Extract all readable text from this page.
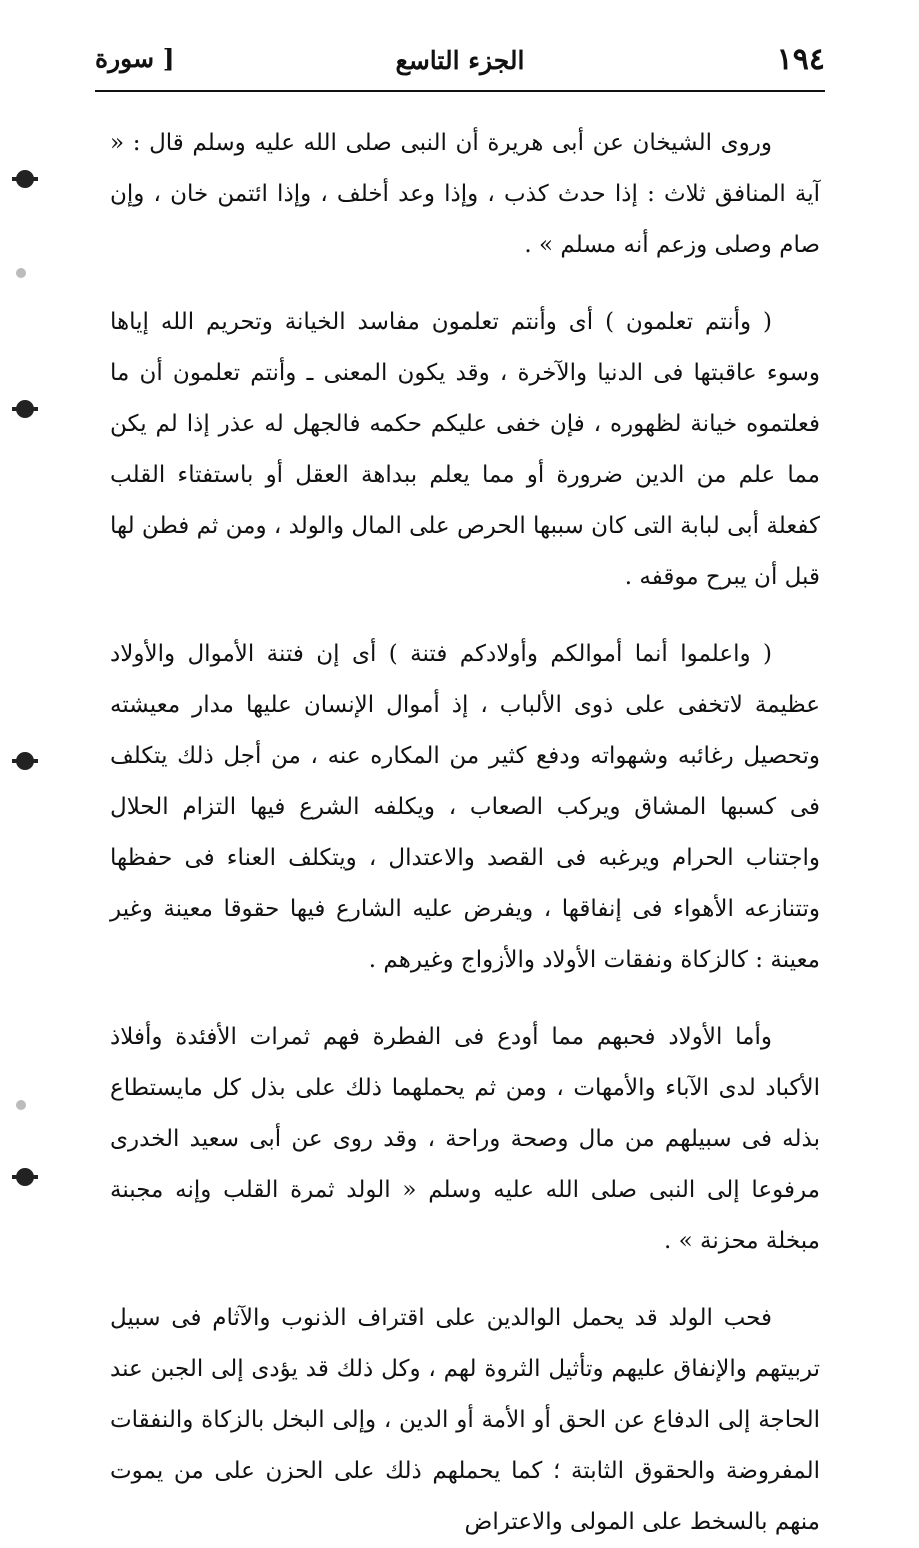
١٩٤
الجزء التاسع
[ سورة

وروى الشيخان عن أبى هريرة أن النبى صلى الله عليه وسلم قال : « آية المنافق ثلاث : إذا حدث كذب ، وإذا وعد أخلف ، وإذا ائتمن خان ، وإن صام وصلى وزعم أنه مسلم » .

( وأنتم تعلمون ) أى وأنتم تعلمون مفاسد الخيانة وتحريم الله إياها وسوء عاقبتها فى الدنيا والآخرة ، وقد يكون المعنى ـ وأنتم تعلمون أن ما فعلتموه خيانة لظهوره ، فإن خفى عليكم حكمه فالجهل له عذر إذا لم يكن مما علم من الدين ضرورة أو مما يعلم ببداهة العقل أو باستفتاء القلب كفعلة أبى لبابة التى كان سببها الحرص على المال والولد ، ومن ثم فطن لها قبل أن يبرح موقفه .

( واعلموا أنما أموالكم وأولادكم فتنة ) أى إن فتنة الأموال والأولاد عظيمة لاتخفى على ذوى الألباب ، إذ أموال الإنسان عليها مدار معيشته وتحصيل رغائبه وشهواته ودفع كثير من المكاره عنه ، من أجل ذلك يتكلف فى كسبها المشاق ويركب الصعاب ، ويكلفه الشرع فيها التزام الحلال واجتناب الحرام ويرغبه فى القصد والاعتدال ، ويتكلف العناء فى حفظها وتتنازعه الأهواء فى إنفاقها ، ويفرض عليه الشارع فيها حقوقا معينة وغير معينة : كالزكاة ونفقات الأولاد والأزواج وغيرهم .

وأما الأولاد فحبهم مما أودع فى الفطرة فهم ثمرات الأفئدة وأفلاذ الأكباد لدى الآباء والأمهات ، ومن ثم يحملهما ذلك على بذل كل مايستطاع بذله فى سبيلهم من مال وصحة وراحة ، وقد روى عن أبى سعيد الخدرى مرفوعا إلى النبى صلى الله عليه وسلم « الولد ثمرة القلب وإنه مجبنة مبخلة محزنة » .

فحب الولد قد يحمل الوالدين على اقتراف الذنوب والآثام فى سبيل تربيتهم والإنفاق عليهم وتأثيل الثروة لهم ، وكل ذلك قد يؤدى إلى الجبن عند الحاجة إلى الدفاع عن الحق أو الأمة أو الدين ، وإلى البخل بالزكاة والنفقات المفروضة والحقوق الثابتة ؛ كما يحملهم ذلك على الحزن على من يموت منهم بالسخط على المولى والاعتراض
